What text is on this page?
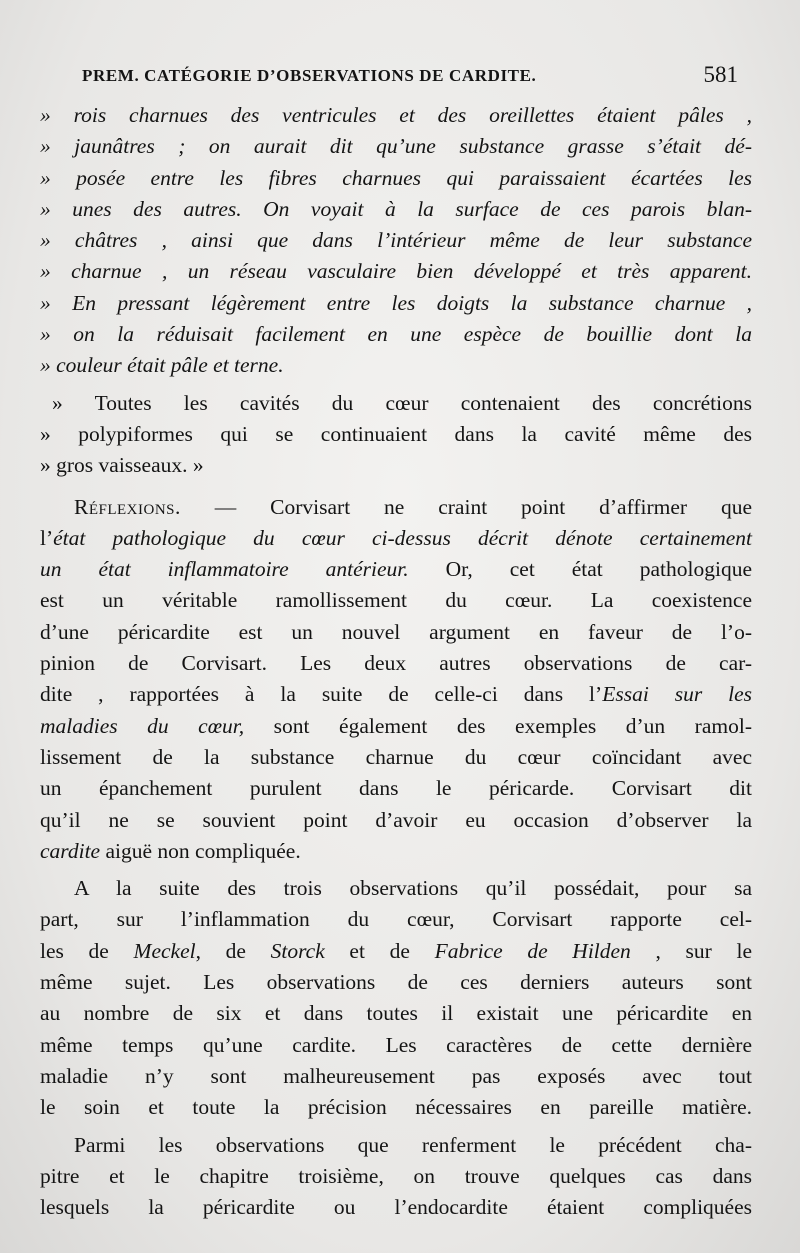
PREM. CATÉGORIE D’OBSERVATIONS DE CARDITE.	581
» rois charnues des ventricules et des oreillettes étaient pâles ,
» jaunâtres ; on aurait dit qu’une substance grasse s’était dé-
» posée entre les fibres charnues qui paraissaient écartées les
» unes des autres. On voyait à la surface de ces parois blan-
» châtres , ainsi que dans l’intérieur même de leur substance
» charnue , un réseau vasculaire bien développé et très apparent.
» En pressant légèrement entre les doigts la substance charnue ,
» on la réduisait facilement en une espèce de bouillie dont la
» couleur était pâle et terne.
» Toutes les cavités du cœur contenaient des concrétions
» polypiformes qui se continuaient dans la cavité même des
» gros vaisseaux. »
Réflexions. — Corvisart ne craint point d’affirmer que
l’état pathologique du cœur ci-dessus décrit dénote certainement
un état inflammatoire antérieur. Or, cet état pathologique
est un véritable ramollissement du cœur. La coexistence
d’une péricardite est un nouvel argument en faveur de l’o-
pinion de Corvisart. Les deux autres observations de car-
dite , rapportées à la suite de celle-ci dans l’Essai sur les
maladies du cœur, sont également des exemples d’un ramol-
lissement de la substance charnue du cœur coïncidant avec
un épanchement purulent dans le péricarde. Corvisart dit
qu’il ne se souvient point d’avoir eu occasion d’observer la
cardite aiguë non compliquée.
A la suite des trois observations qu’il possédait, pour sa
part, sur l’inflammation du cœur, Corvisart rapporte cel-
les de Meckel, de Storck et de Fabrice de Hilden , sur le
même sujet. Les observations de ces derniers auteurs sont
au nombre de six et dans toutes il existait une péricardite en
même temps qu’une cardite. Les caractères de cette dernière
maladie n’y sont malheureusement pas exposés avec tout
le soin et toute la précision nécessaires en pareille matière.
Parmi les observations que renferment le précédent cha-
pitre et le chapitre troisième, on trouve quelques cas dans
lesquels la péricardite ou l’endocardite étaient compliquées
